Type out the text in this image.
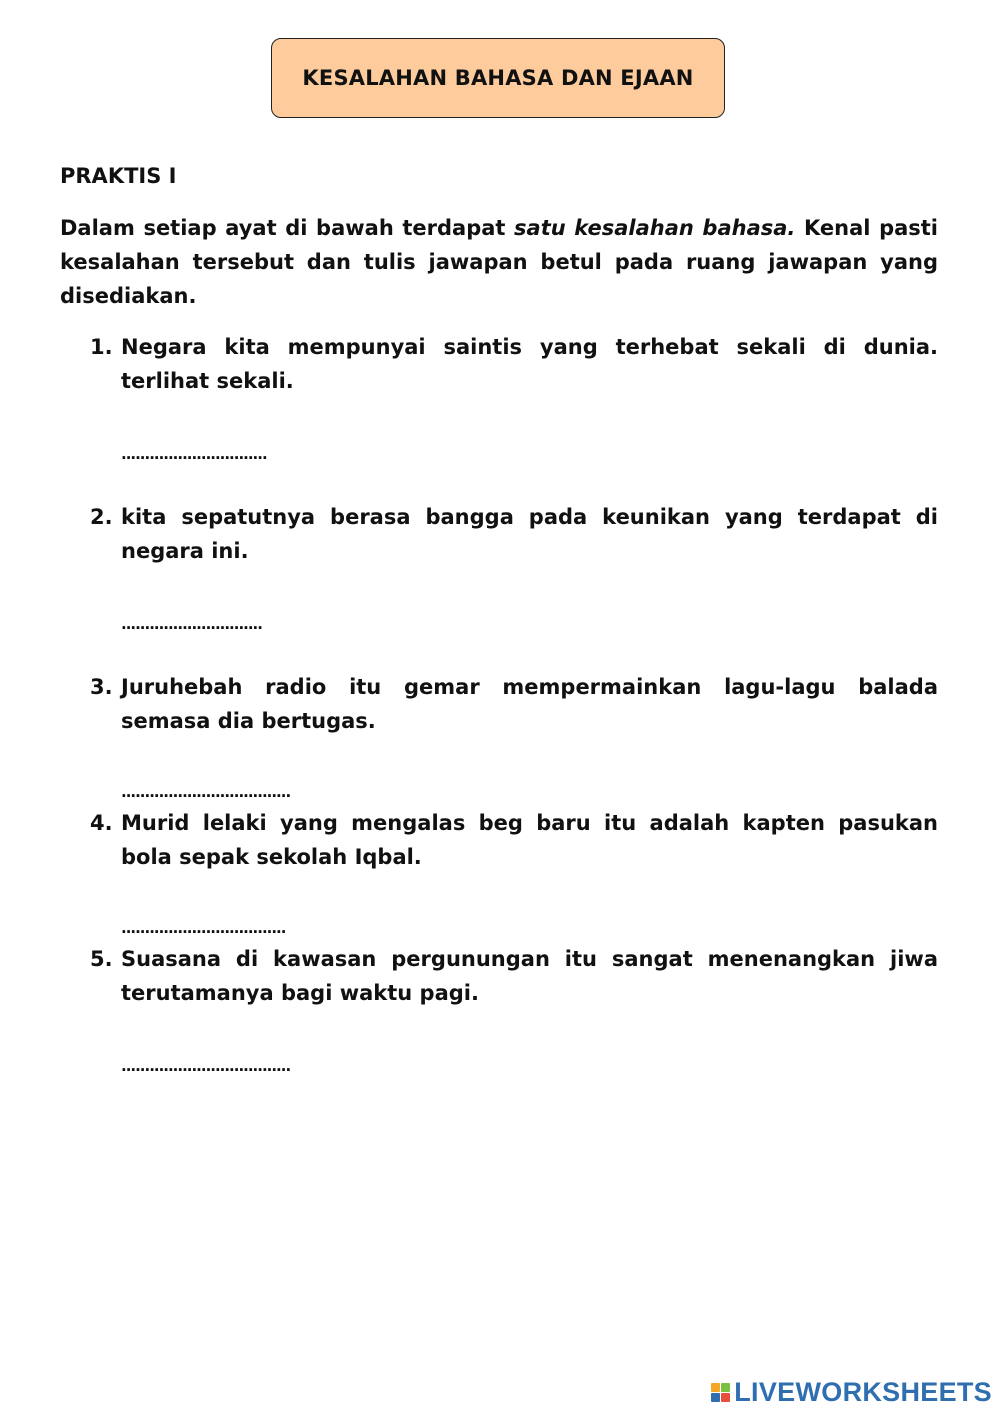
KESALAHAN BAHASA DAN EJAAN
PRAKTIS I

Dalam setiap ayat di bawah terdapat satu kesalahan bahasa. Kenal pasti kesalahan tersebut dan tulis jawapan betul pada ruang jawapan yang disediakan.

1. Negara kita mempunyai saintis yang terhebat sekali di dunia. terlihat sekali.
...............................
2. kita sepatutnya berasa bangga pada keunikan yang terdapat di negara ini.
..............................
3. Juruhebah radio itu gemar mempermainkan lagu-lagu balada semasa dia bertugas.
....................................
4. Murid lelaki yang mengalas beg baru itu adalah kapten pasukan bola sepak sekolah Iqbal.
...................................
5. Suasana di kawasan pergunungan itu sangat menenangkan jiwa terutamanya bagi waktu pagi.
....................................
LIVEWORKSHEETS
